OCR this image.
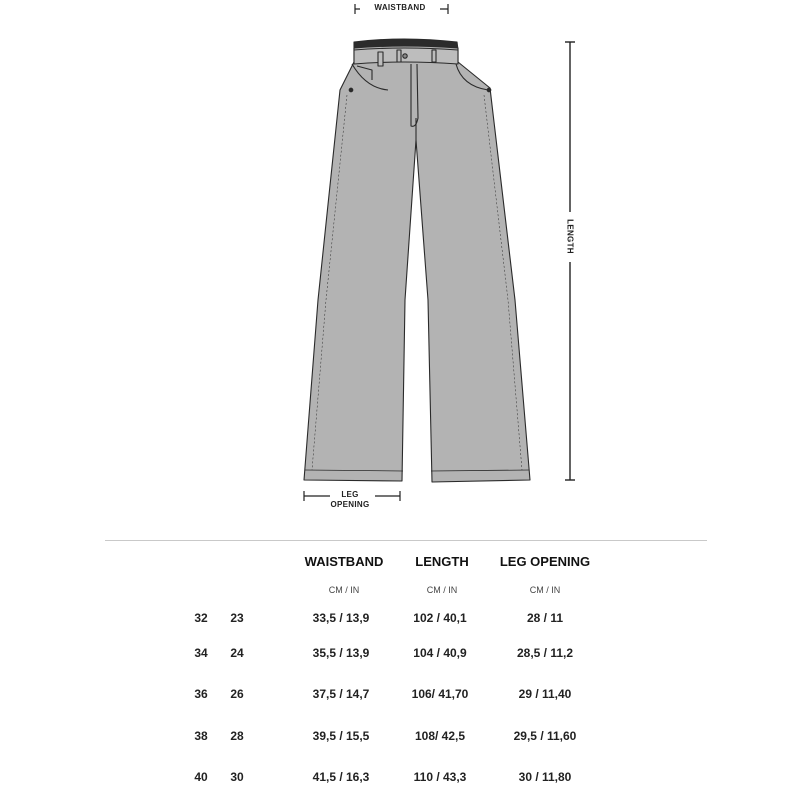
WAISTBAND
LENGTH
LEG
OPENING
WAISTBAND	LENGTH	LEG OPENING
CM / IN	CM / IN	CM / IN
32	23	33,5 / 13,9	102 / 40,1	28 / 11
34	24	35,5 / 13,9	104 / 40,9	28,5 / 11,2
36	26	37,5 / 14,7	106/ 41,70	29 / 11,40
38	28	39,5 / 15,5	108/ 42,5	29,5 / 11,60
40	30	41,5 / 16,3	110 / 43,3	30 / 11,80
